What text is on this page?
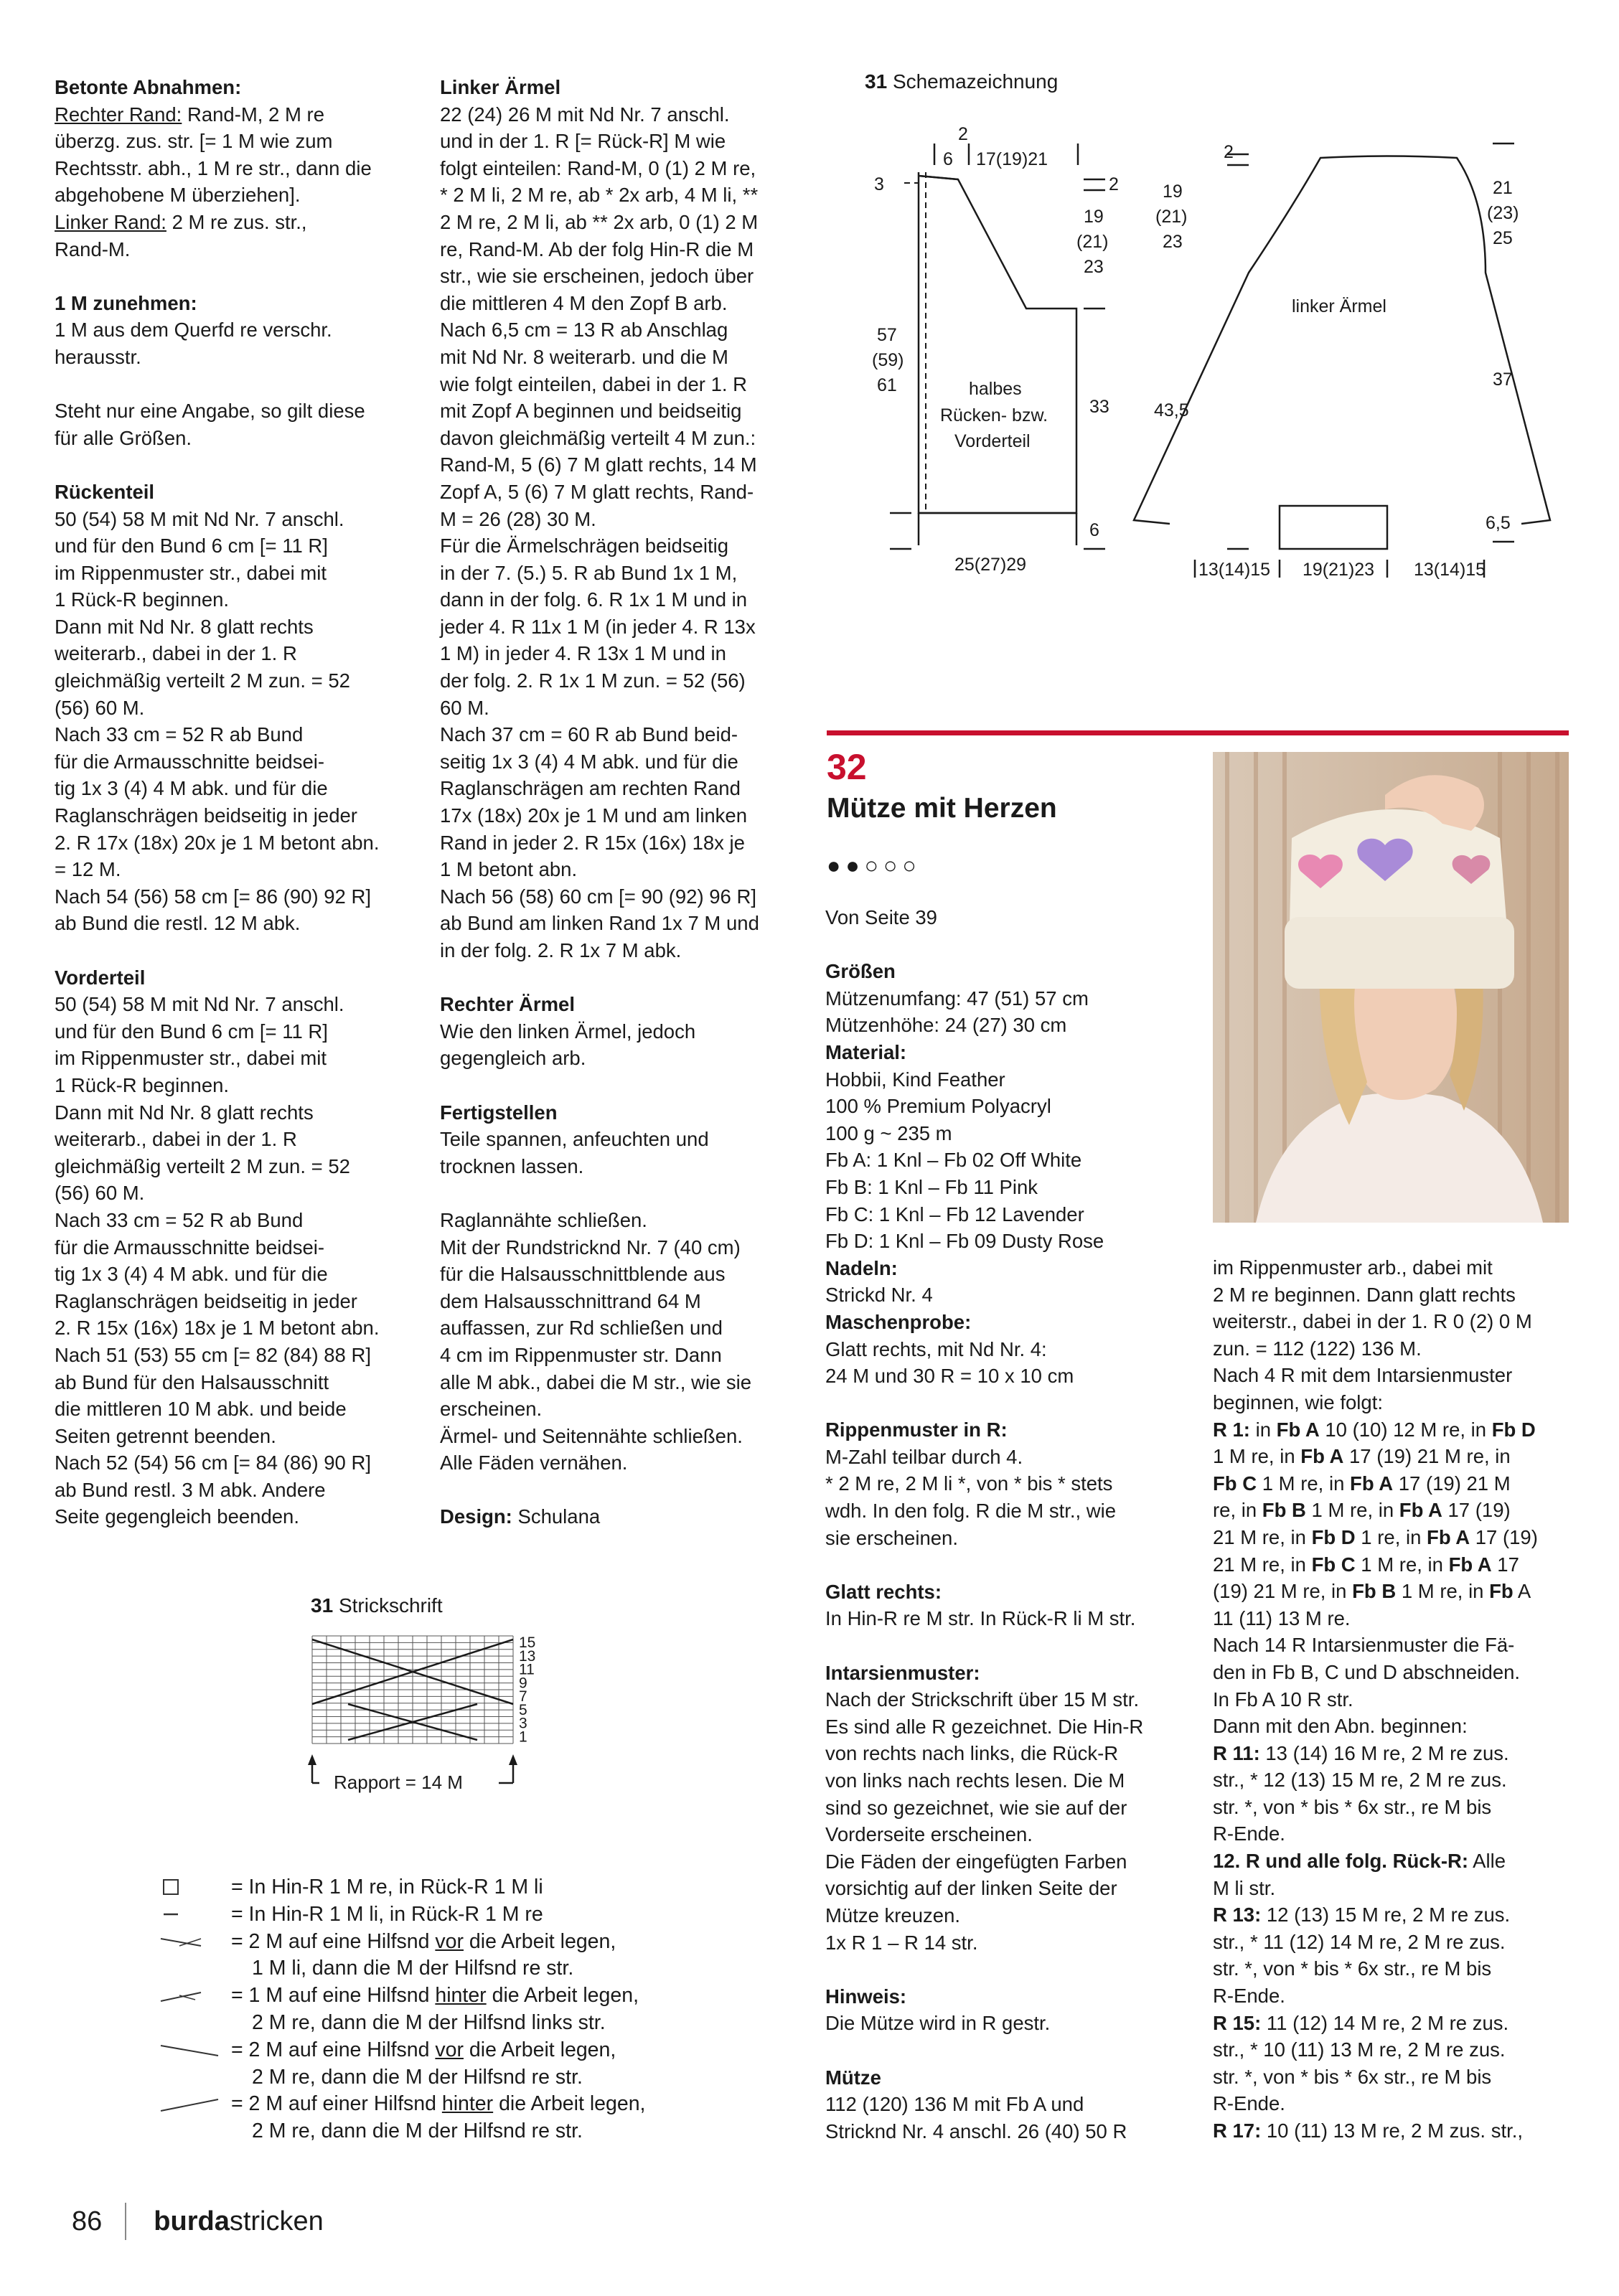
Betonte Abnahmen:

Rechter Rand: Rand-M, 2 M re

überzg. zus. str. [= 1 M wie zum

Rechtsstr. abh., 1 M re str., dann die

abgehobene M überziehen].

Linker Rand: 2 M re zus. str.,

Rand-M.

1 M zunehmen:

1 M aus dem Querfd re verschr.

herausstr.

Steht nur eine Angabe, so gilt diese

für alle Größen.

Rückenteil

50 (54) 58 M mit Nd Nr. 7 anschl.

und für den Bund 6 cm [= 11 R]

im Rippenmuster str., dabei mit

1 Rück-R beginnen.

Dann mit Nd Nr. 8 glatt rechts

weiterarb., dabei in der 1. R

gleichmäßig verteilt 2 M zun. = 52

(56) 60 M.

Nach 33 cm = 52 R ab Bund

für die Armausschnitte beidsei-

tig 1x 3 (4) 4 M abk. und für die

Raglanschrägen beidseitig in jeder

2. R 17x (18x) 20x je 1 M betont abn.

= 12 M.

Nach 54 (56) 58 cm [= 86 (90) 92 R]

ab Bund die restl. 12 M abk.

Vorderteil

50 (54) 58 M mit Nd Nr. 7 anschl.

und für den Bund 6 cm [= 11 R]

im Rippenmuster str., dabei mit

1 Rück-R beginnen.

Dann mit Nd Nr. 8 glatt rechts

weiterarb., dabei in der 1. R

gleichmäßig verteilt 2 M zun. = 52

(56) 60 M.

Nach 33 cm = 52 R ab Bund

für die Armausschnitte beidsei-

tig 1x 3 (4) 4 M abk. und für die

Raglanschrägen beidseitig in jeder

2. R 15x (16x) 18x je 1 M betont abn.

Nach 51 (53) 55 cm [= 82 (84) 88 R]

ab Bund für den Halsausschnitt

die mittleren 10 M abk. und beide

Seiten getrennt beenden.

Nach 52 (54) 56 cm [= 84 (86) 90 R]

ab Bund restl. 3 M abk. Andere

Seite gegengleich beenden.

Linker Ärmel

22 (24) 26 M mit Nd Nr. 7 anschl.

und in der 1. R [= Rück-R] M wie

folgt einteilen: Rand-M, 0 (1) 2 M re,

* 2 M li, 2 M re, ab * 2x arb, 4 M li, **

2 M re, 2 M li, ab ** 2x arb, 0 (1) 2 M

re, Rand-M. Ab der folg Hin-R die M

str., wie sie erscheinen, jedoch über

die mittleren 4 M den Zopf B arb.

Nach 6,5 cm = 13 R ab Anschlag

mit Nd Nr. 8 weiterarb. und die M

wie folgt einteilen, dabei in der 1. R

mit Zopf A beginnen und beidseitig

davon gleichmäßig verteilt 4 M zun.:

Rand-M, 5 (6) 7 M glatt rechts, 14 M

Zopf A, 5 (6) 7 M glatt rechts, Rand-

M = 26 (28) 30 M.

Für die Ärmelschrägen beidseitig

in der 7. (5.) 5. R ab Bund 1x 1 M,

dann in der folg. 6. R 1x 1 M und in

jeder 4. R 11x 1 M (in jeder 4. R 13x

1 M) in jeder 4. R 13x 1 M und in

der folg. 2. R 1x 1 M zun. = 52 (56)

60 M.

Nach 37 cm = 60 R ab Bund beid-

seitig 1x 3 (4) 4 M abk. und für die

Raglanschrägen am rechten Rand

17x (18x) 20x je 1 M und am linken

Rand in jeder 2. R 15x (16x) 18x je

1 M betont abn.

Nach 56 (58) 60 cm [= 90 (92) 96 R]

ab Bund am linken Rand 1x 7 M und

in der folg. 2. R 1x 7 M abk.

Rechter Ärmel

Wie den linken Ärmel, jedoch

gegengleich arb.

Fertigstellen

Teile spannen, anfeuchten und

trocknen lassen.

Raglannähte schließen.

Mit der Rundstricknd Nr. 7 (40 cm)

für die Halsausschnittblende aus

dem Halsausschnittrand 64 M

auffassen, zur Rd schließen und

4 cm im Rippenmuster str. Dann

alle M abk., dabei die M str., wie sie

erscheinen.

Ärmel- und Seitennähte schließen.

Alle Fäden vernähen.

Design: Schulana

31 Schemazeichnung
2
6 17(19)21
3	2
19
(21)
23
57
(59)
61	halbes
Rücken- bzw.
Vorderteil
33
6
25(27)29
2
19
(21)
23
43,5
linker Ärmel
21
(23)
25
37
6,5
13(14)15 19(21)23 13(14)15
32
Mütze mit Herzen
●●○○○

Von Seite 39

Größen

Mützenumfang: 47 (51) 57 cm

Mützenhöhe: 24 (27) 30 cm

Material:

Hobbii, Kind Feather

100 % Premium Polyacryl

100 g ~ 235 m

Fb A: 1 Knl – Fb 02 Off White

Fb B: 1 Knl – Fb 11 Pink

Fb C: 1 Knl – Fb 12 Lavender

Fb D: 1 Knl – Fb 09 Dusty Rose

Nadeln:

Strickd Nr. 4

Maschenprobe:

Glatt rechts, mit Nd Nr. 4:

24 M und 30 R = 10 x 10 cm

Rippenmuster in R:

M-Zahl teilbar durch 4.

* 2 M re, 2 M li *, von * bis * stets

wdh. In den folg. R die M str., wie

sie erscheinen.

Glatt rechts:

In Hin-R re M str. In Rück-R li M str.

Intarsienmuster:

Nach der Strickschrift über 15 M str.

Es sind alle R gezeichnet. Die Hin-R

von rechts nach links, die Rück-R

von links nach rechts lesen. Die M

sind so gezeichnet, wie sie auf der

Vorderseite erscheinen.

Die Fäden der eingefügten Farben

vorsichtig auf der linken Seite der

Mütze kreuzen.

1x R 1 – R 14 str.

Hinweis:

Die Mütze wird in R gestr.

Mütze

112 (120) 136 M mit Fb A und

Stricknd Nr. 4 anschl. 26 (40) 50 R

im Rippenmuster arb., dabei mit

2 M re beginnen. Dann glatt rechts

weiterstr., dabei in der 1. R 0 (2) 0 M

zun. = 112 (122) 136 M.

Nach 4 R mit dem Intarsienmuster

beginnen, wie folgt:

R 1: in Fb A 10 (10) 12 M re, in Fb D

1 M re, in Fb A 17 (19) 21 M re, in

Fb C 1 M re, in Fb A 17 (19) 21 M

re, in Fb B 1 M re, in Fb A 17 (19)

21 M re, in Fb D 1 re, in Fb A 17 (19)

21 M re, in Fb C 1 M re, in Fb A 17

(19) 21 M re, in Fb B 1 M re, in Fb A

11 (11) 13 M re.

Nach 14 R Intarsienmuster die Fä-

den in Fb B, C und D abschneiden.

In Fb A 10 R str.

Dann mit den Abn. beginnen:

R 11: 13 (14) 16 M re, 2 M re zus.

str., * 12 (13) 15 M re, 2 M re zus.

str. *, von * bis * 6x str., re M bis

R-Ende.

12. R und alle folg. Rück-R: Alle

M li str.

R 13: 12 (13) 15 M re, 2 M re zus.

str., * 11 (12) 14 M re, 2 M re zus.

str. *, von * bis * 6x str., re M bis

R-Ende.

R 15: 11 (12) 14 M re, 2 M re zus.

str., * 10 (11) 13 M re, 2 M re zus.

str. *, von * bis * 6x str., re M bis

R-Ende.

R 17: 10 (11) 13 M re, 2 M zus. str.,

31 Strickschrift
15
13
11
9
7
5
3
1
Rapport = 14 M
= In Hin-R 1 M re, in Rück-R 1 M li
= In Hin-R 1 M li, in Rück-R 1 M re
= 2 M auf eine Hilfsnd vor die Arbeit legen,
1 M li, dann die M der Hilfsnd re str.
= 1 M auf eine Hilfsnd hinter die Arbeit legen,
2 M re, dann die M der Hilfsnd links str.
= 2 M auf eine Hilfsnd vor die Arbeit legen,
2 M re, dann die M der Hilfsnd re str.
= 2 M auf einer Hilfsnd hinter die Arbeit legen,
2 M re, dann die M der Hilfsnd re str.
86 burda stricken
